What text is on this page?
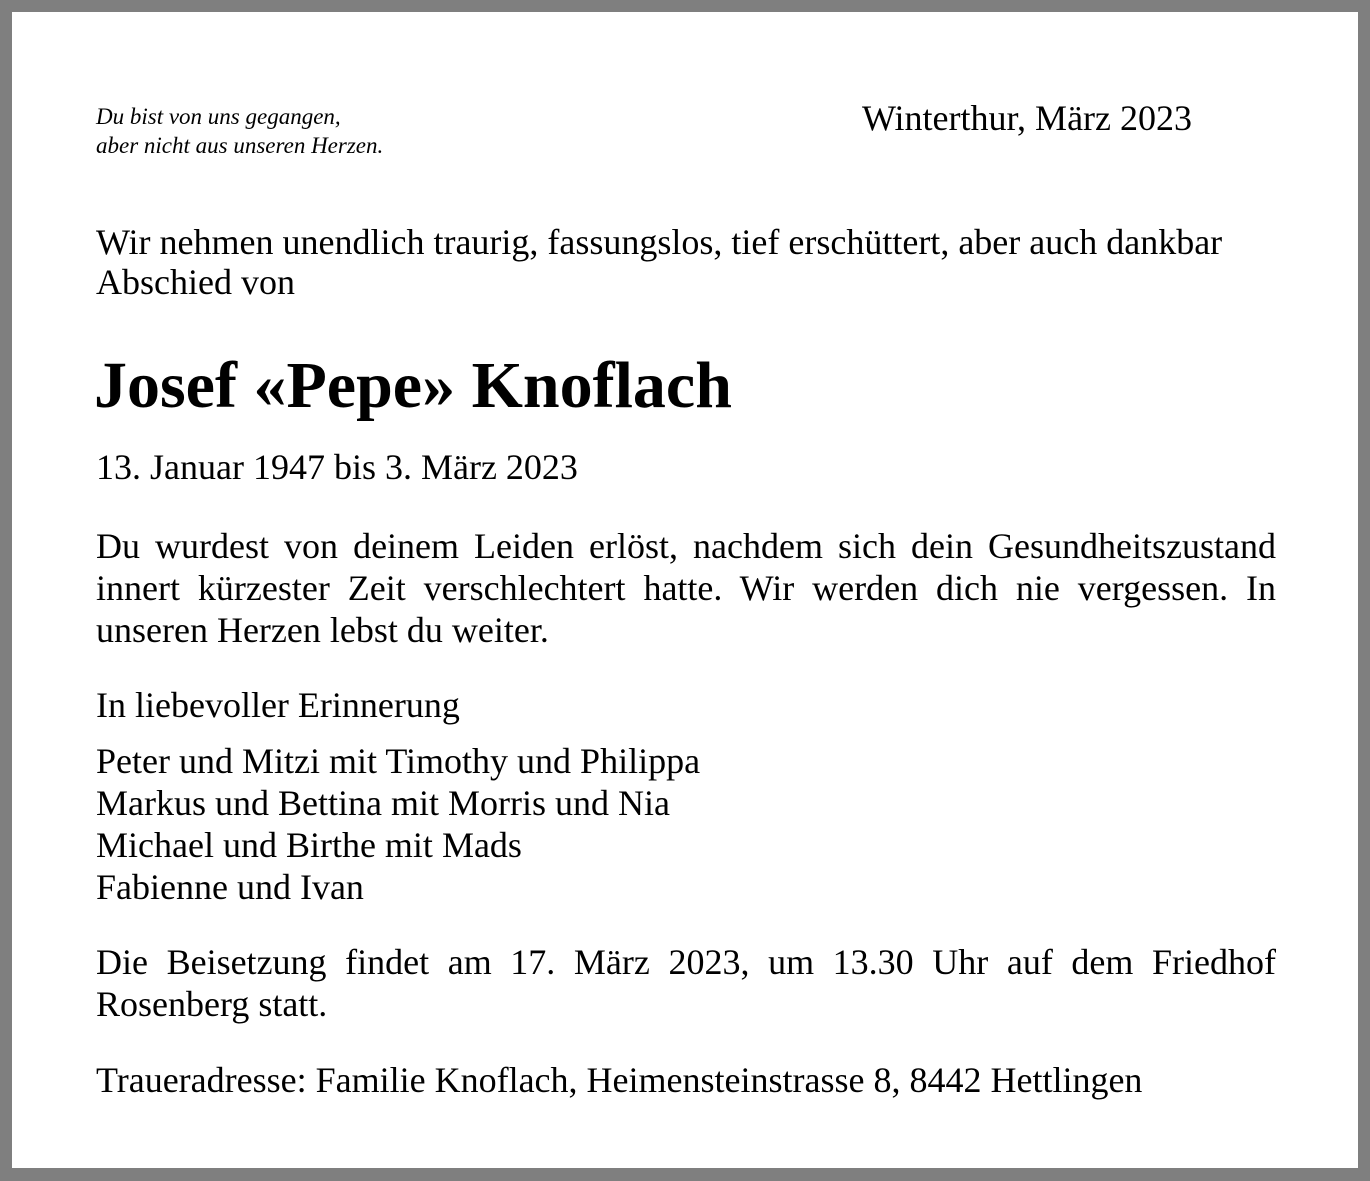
Du bist von uns gegangen,
aber nicht aus unseren Herzen.
Winterthur, März 2023

Wir nehmen unendlich traurig, fassungslos, tief erschüttert, aber auch dankbar Abschied von

Josef «Pepe» Knoflach
13. Januar 1947 bis 3. März 2023

Du wurdest von deinem Leiden erlöst, nachdem sich dein Gesundheitszustand innert kürzester Zeit verschlechtert hatte. Wir werden dich nie vergessen. In unseren Herzen lebst du weiter.

In liebevoller Erinnerung
Peter und Mitzi mit Timothy und Philippa
Markus und Bettina mit Morris und Nia
Michael und Birthe mit Mads
Fabienne und Ivan

Die Beisetzung findet am 17. März 2023, um 13.30 Uhr auf dem Friedhof Rosenberg statt.

Traueradresse: Familie Knoflach, Heimensteinstrasse 8, 8442 Hettlingen
